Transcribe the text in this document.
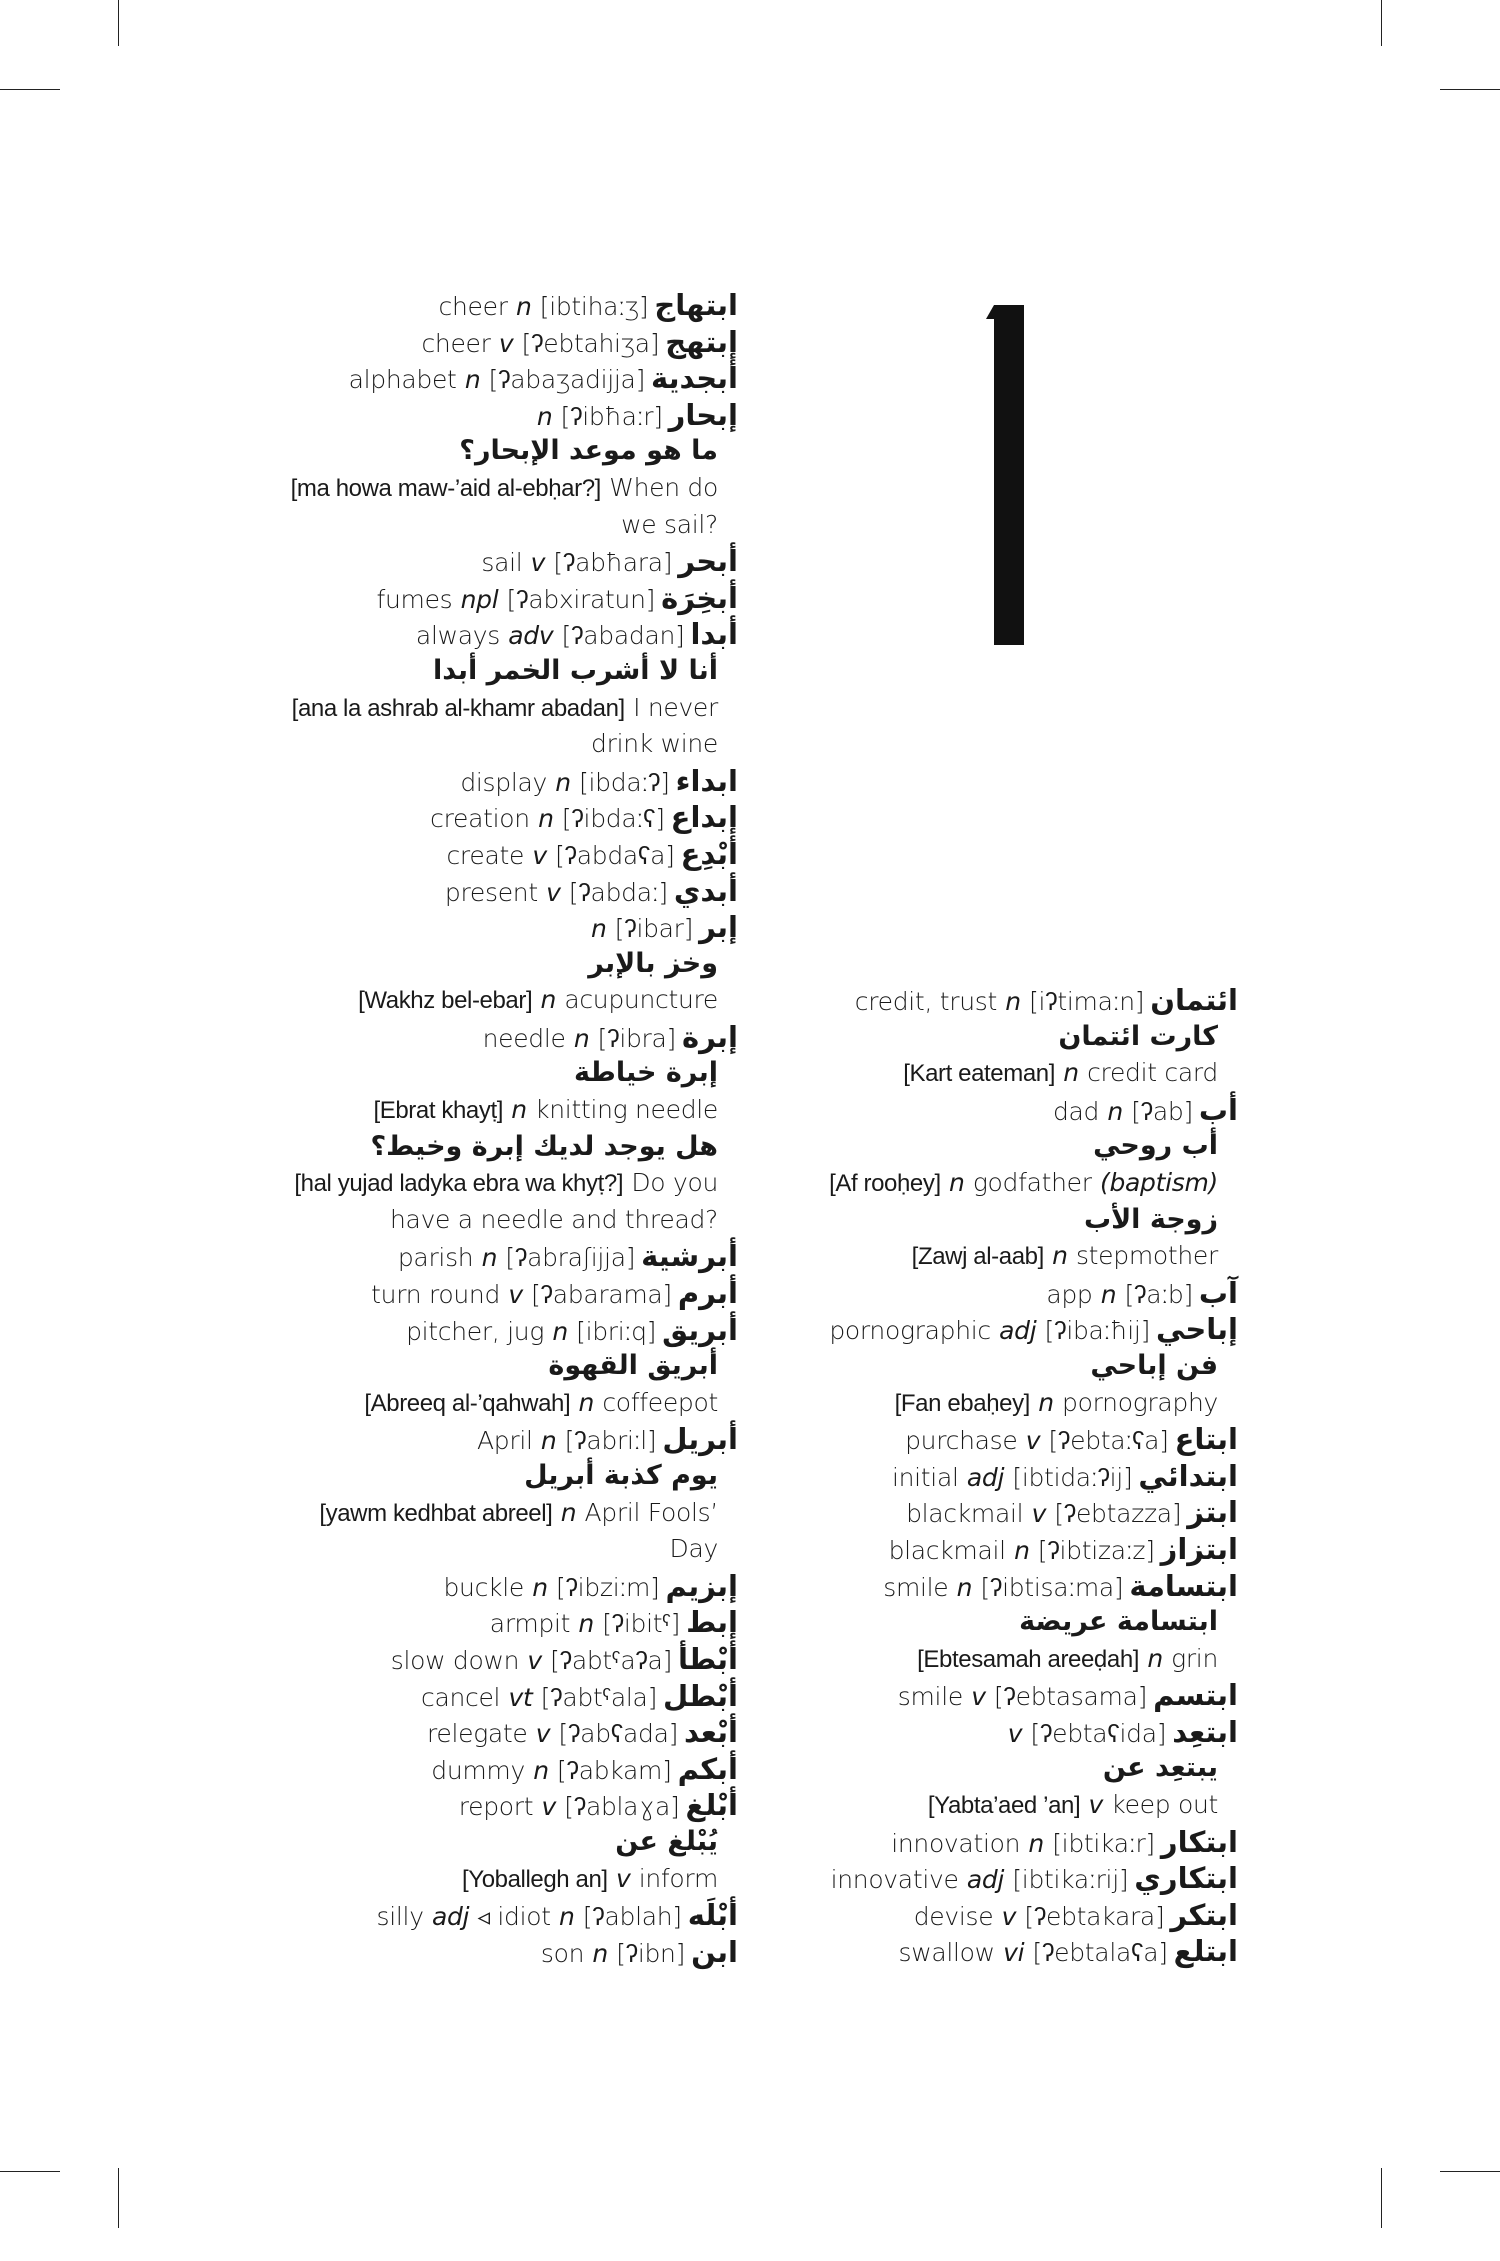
cheer n [ibtihaːʒ] ابتهاج
cheer v [ʔebtahiʒa] إبتهج
alphabet n [ʔabaʒadijja] أبجدية
n [ʔibħaːr] إبحار
ما هو موعد الإبحار؟
[ma howa maw-’aid al-ebḥar?] When do
we sail?
sail v [ʔabħara] أبحر
fumes npl [ʔabxiratun] أبخِرَة
always adv [ʔabadan] أبدا
أنا لا أشرب الخمر أبدا
[ana la ashrab al-khamr abadan] I never
drink wine
display n [ibdaːʔ] ابداء
creation n [ʔibdaːʕ] إبداع
create v [ʔabdaʕa] أبْدِع
present v [ʔabdaː] أبدي
n [ʔibar] إبر
وخز بالإبر
[Wakhz bel-ebar] n acupuncture
needle n [ʔibra] إبرة
إبرة خياطة
[Ebrat khayṭ] n knitting needle
هل يوجد لديك إبرة وخيط؟
[hal yujad ladyka ebra wa khyṭ?] Do you
have a needle and thread?
parish n [ʔabraʃijja] أبرشية
turn round v [ʔabarama] أبرم
pitcher, jug n [ibriːq] أبريق
أبريق القهوة
[Abreeq al-’qahwah] n coffeepot
April n [ʔabriːl] أبريل
يوم كذبة أبريل
[yawm kedhbat abreel] n April Fools’
Day
buckle n [ʔibziːm] إبزيم
armpit n [ʔibitˤ] إبط
slow down v [ʔabtˤaʔa] أبْطأ
cancel vt [ʔabtˤala] أبْطل
relegate v [ʔabʕada] أبْعد
dummy n [ʔabkam] أبكم
report v [ʔablaɣa] أبْلغ
يُبْلغ عن
[Yoballegh an] v inform
silly adj ◃ idiot n [ʔablah] أبْلَه
son n [ʔibn] ابن
credit, trust n [iʔtimaːn] ائتمان
كارت ائتمان
[Kart eateman] n credit card
dad n [ʔab] أب
أب روحي
[Af rooḥey] n godfather (baptism)
زوجة الأب
[Zawj al-aab] n stepmother
app n [ʔaːb] آب
pornographic adj [ʔibaːħij] إباحي
فن إباحي
[Fan ebaḥey] n pornography
purchase v [ʔebtaːʕa] ابتاع
initial adj [ibtidaːʔij] ابتدائي
blackmail v [ʔebtazza] ابتز
blackmail n [ʔibtizaːz] ابتزاز
smile n [ʔibtisaːma] ابتسامة
ابتسامة عريضة
[Ebtesamah areeḍah] n grin
smile v [ʔebtasama] ابتسم
v [ʔebtaʕida] ابتعِد
يبتعِد عن
[Yabta’aed ’an] v keep out
innovation n [ibtikaːr] ابتكار
innovative adj [ibtikaːrij] ابتكاري
devise v [ʔebtakara] ابتكر
swallow vi [ʔebtalaʕa] ابتلع
